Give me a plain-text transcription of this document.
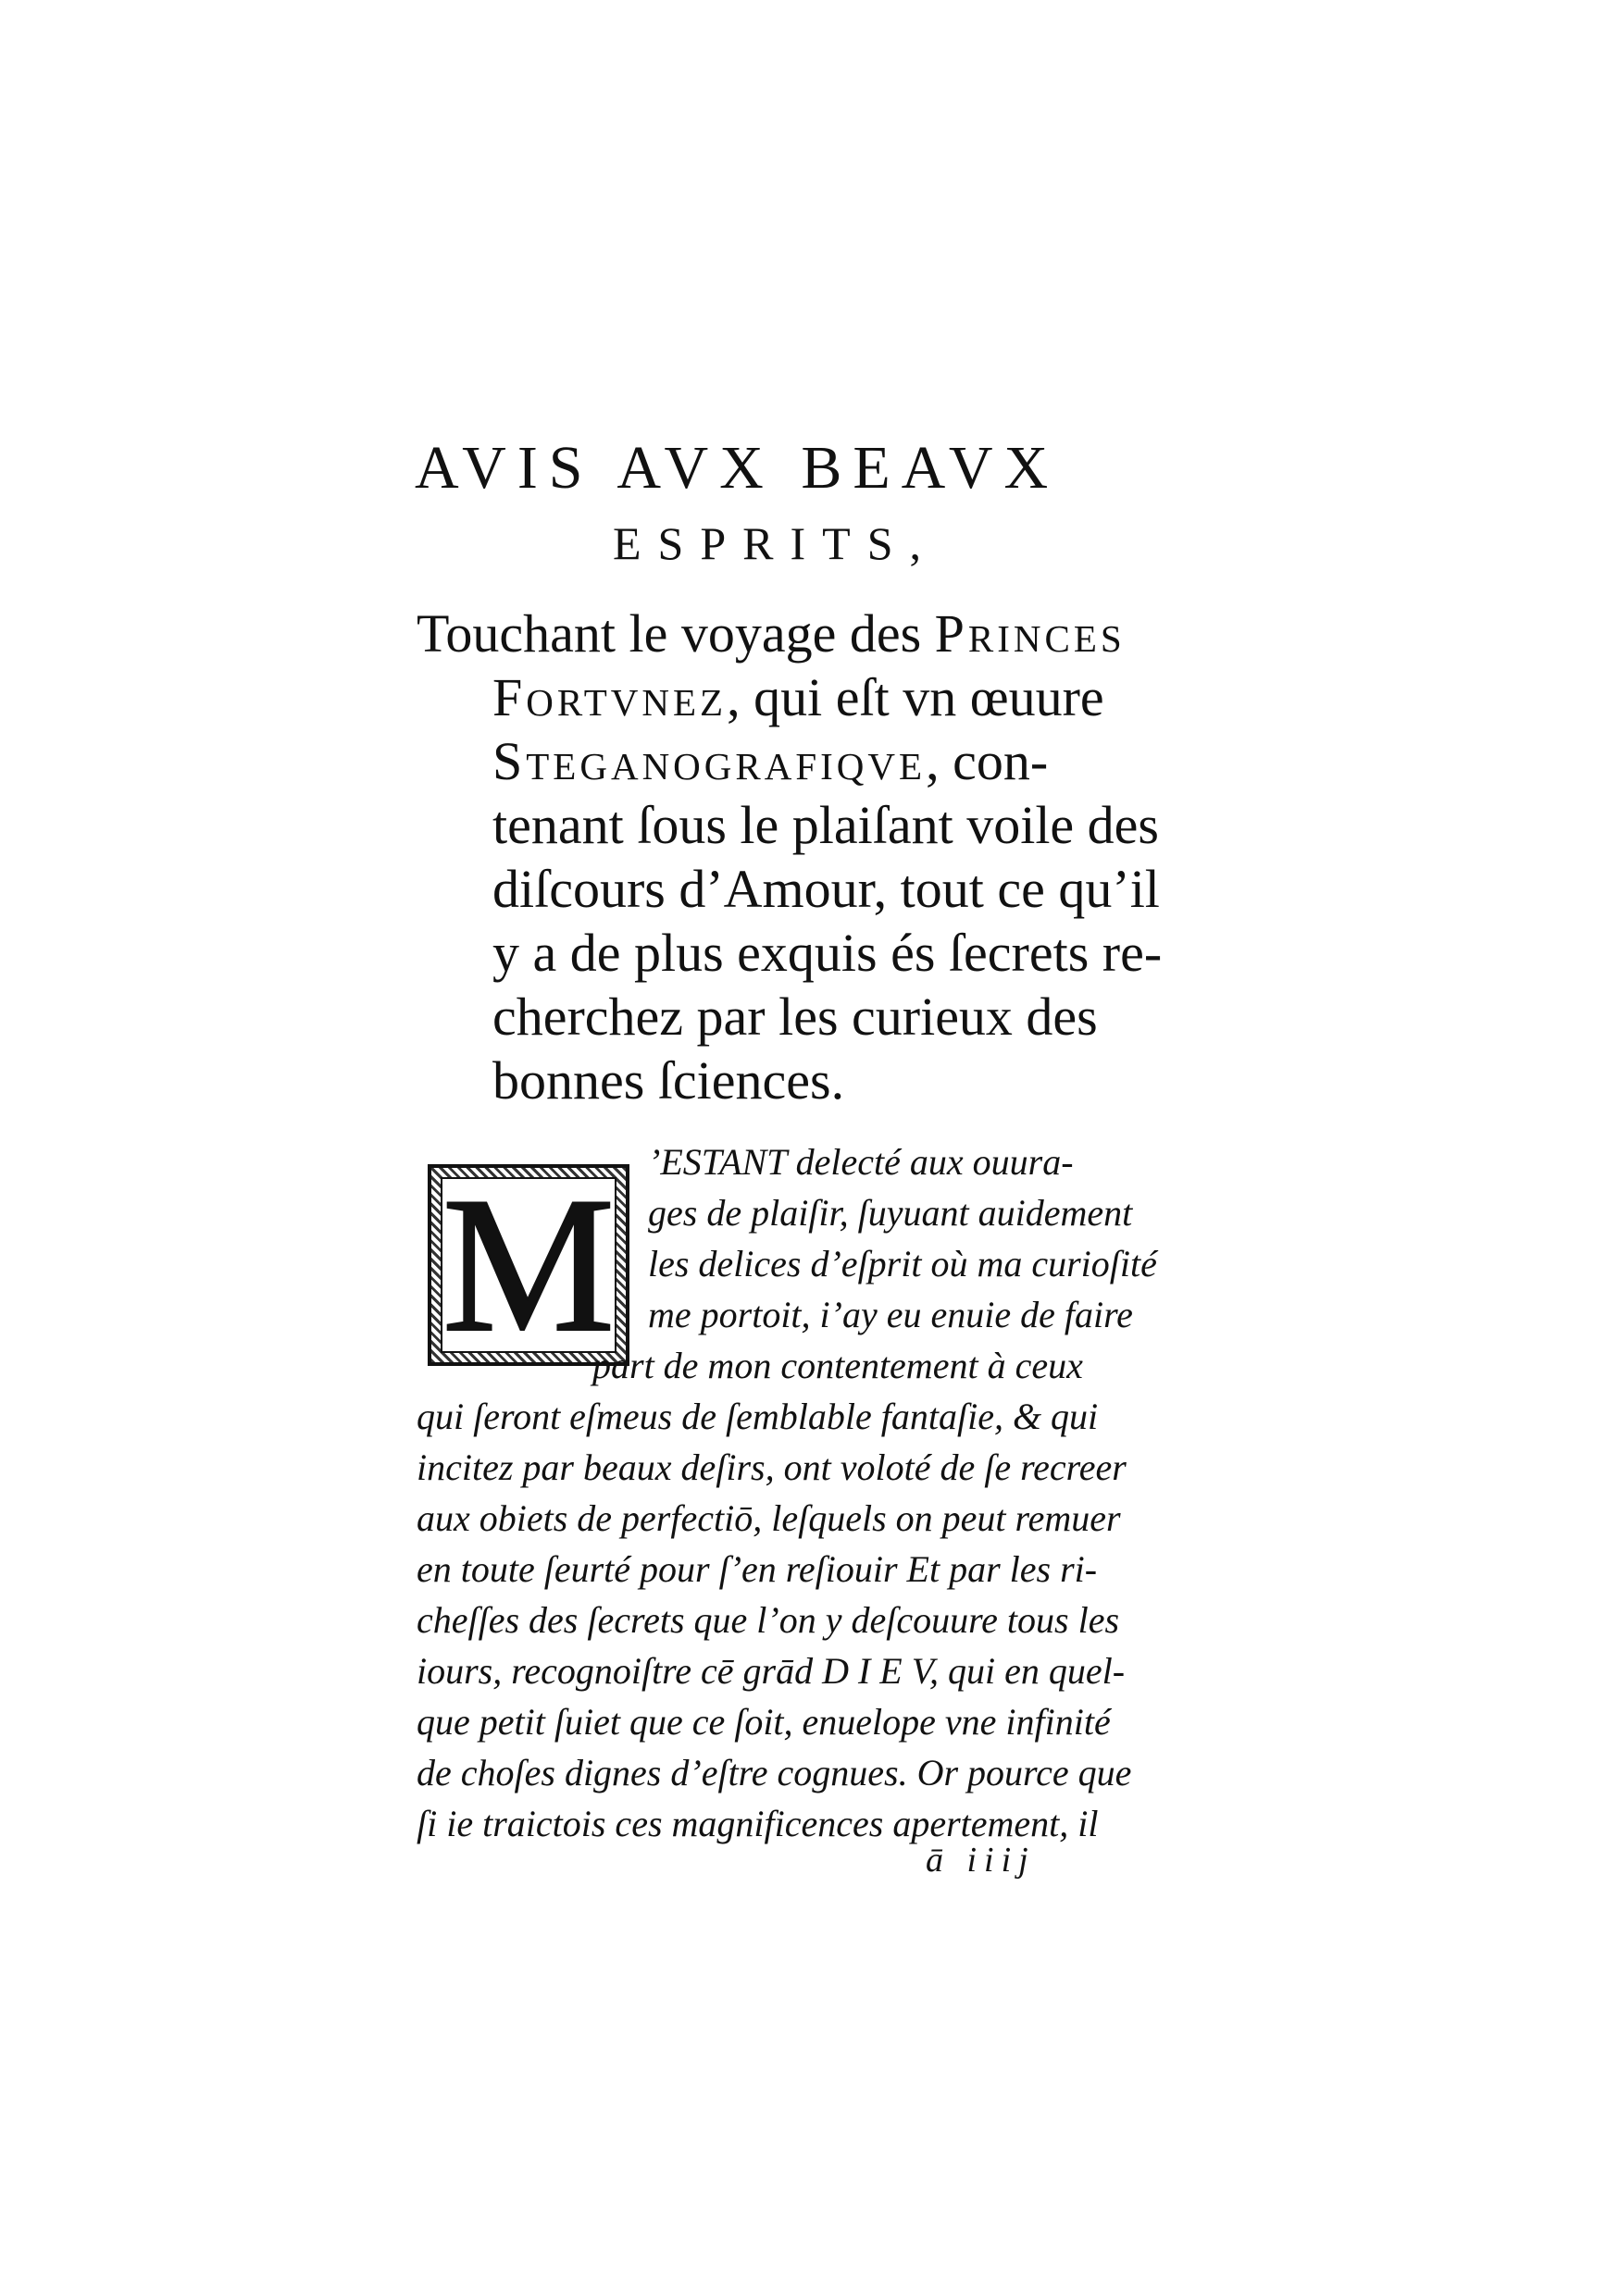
AVIS AVX BEAVX
ESPRITS,
Touchant le voyage des Princes
Fortvnez, qui eſt vn œuure
Steganografiqve, con-
tenant ſous le plaiſant voile des
diſcours d’Amour, tout ce qu’il
y a de plus exquis és ſecrets re-
cherchez par les curieux des
bonnes ſciences.
M ’ESTANT delecté aux ouura-
ges de plaiſir, ſuyuant auidement
les delices d’eſprit où ma curioſité
me portoit, i’ay eu enuie de faire
part de mon contentement à ceux
qui ſeront eſmeus de ſemblable fantaſie, & qui
incitez par beaux deſirs, ont voloté de ſe recreer
aux obiets de perfectiō, leſquels on peut remuer
en toute ſeurté pour ſ’en reſiouir Et par les ri-
cheſſes des ſecrets que l’on y deſcouure tous les
iours, recognoiſtre cē grād D I E V, qui en quel-
que petit ſuiet que ce ſoit, enuelope vne infinité
de choſes dignes d’eſtre cognues. Or pource que
ſi ie traictois ces magnificences apertement, il
ā iiij
